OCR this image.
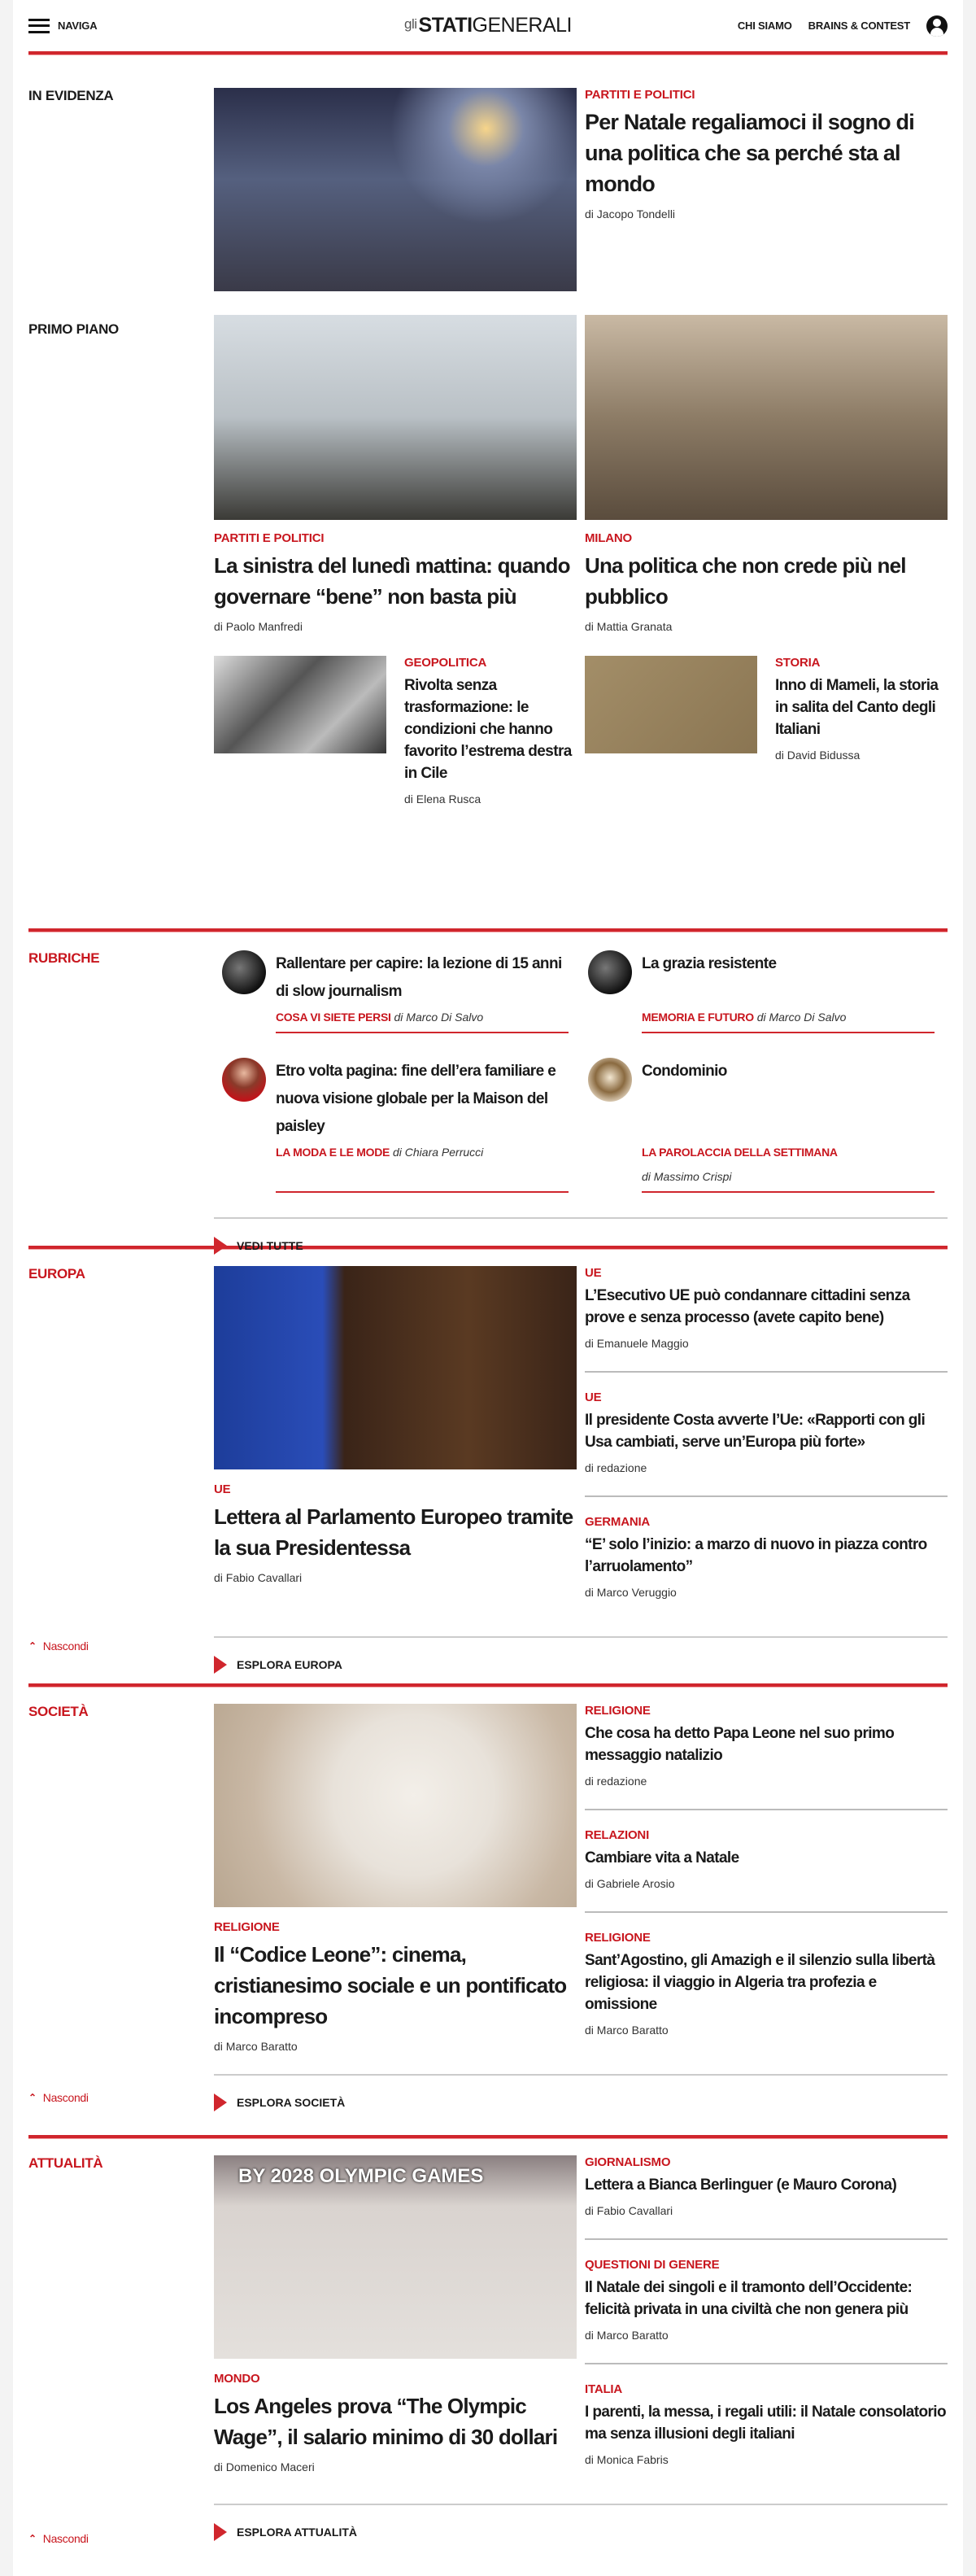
NAVIGA	gliSTATIGENERALI	CHI SIAMO BRAINS & CONTEST
IN EVIDENZA	PARTITI E POLITICI
Per Natale regaliamoci il sogno di una politica che sa perché sta al mondo
di Jacopo Tondelli
PRIMO PIANO
PARTITI E POLITICI
La sinistra del lunedì mattina: quando governare “bene” non basta più
di Paolo Manfredi
MILANO
Una politica che non crede più nel pubblico
di Mattia Granata
GEOPOLITICA
Rivolta senza trasformazione: le condizioni che hanno favorito l’estrema destra in Cile
di Elena Rusca
STORIA
Inno di Mameli, la storia in salita del Canto degli Italiani
di David Bidussa
RUBRICHE	Rallentare per capire: la lezione di 15 anni di slow journalism
COSA VI SIETE PERSI di Marco Di Salvo
La grazia resistente
MEMORIA E FUTURO di Marco Di Salvo
Etro volta pagina: fine dell’era familiare e nuova visione globale per la Maison del paisley
LA MODA E LE MODE di Chiara Perrucci
Condominio
LA PAROLACCIA DELLA SETTIMANA
di Massimo Crispi
VEDI TUTTE
EUROPA
⌃ Nascondi
UE
Lettera al Parlamento Europeo tramite la sua Presidentessa
di Fabio Cavallari
UE
L’Esecutivo UE può condannare cittadini senza prove e senza processo (avete capito bene)
di Emanuele Maggio
UE
Il presidente Costa avverte l’Ue: «Rapporti con gli Usa cambiati, serve un’Europa più forte»
di redazione
GERMANIA
“E’ solo l’inizio: a marzo di nuovo in piazza contro l’arruolamento”
di Marco Veruggio
ESPLORA EUROPA
SOCIETÀ
⌃ Nascondi
RELIGIONE
Il “Codice Leone”: cinema, cristianesimo sociale e un pontificato incompreso
di Marco Baratto
RELIGIONE
Che cosa ha detto Papa Leone nel suo primo messaggio natalizio
di redazione
RELAZIONI
Cambiare vita a Natale
di Gabriele Arosio
RELIGIONE
Sant’Agostino, gli Amazigh e il silenzio sulla libertà religiosa: il viaggio in Algeria tra profezia e omissione
di Marco Baratto
ESPLORA SOCIETÀ
ATTUALITÀ
⌃ Nascondi
BY 2028 OLYMPIC GAMES
MONDO
Los Angeles prova “The Olympic Wage”, il salario minimo di 30 dollari
di Domenico Maceri
GIORNALISMO
Lettera a Bianca Berlinguer (e Mauro Corona)
di Fabio Cavallari
QUESTIONI DI GENERE
Il Natale dei singoli e il tramonto dell’Occidente: felicità privata in una civiltà che non genera più
di Marco Baratto
ITALIA
I parenti, la messa, i regali utili: il Natale consolatorio ma senza illusioni degli italiani
di Monica Fabris
ESPLORA ATTUALITÀ
